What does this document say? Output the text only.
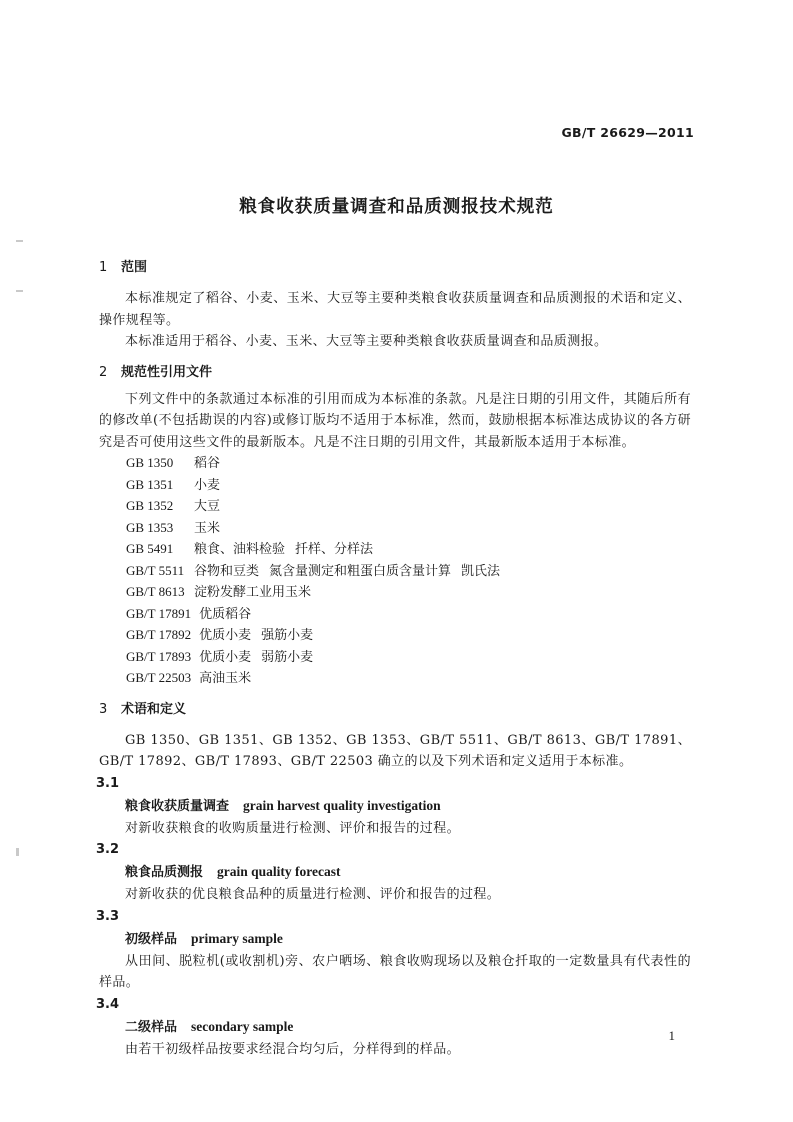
GB/T 26629—2011
粮食收获质量调查和品质测报技术规范
1 范围

本标准规定了稻谷、小麦、玉米、大豆等主要种类粮食收获质量调查和品质测报的术语和定义、操作规程等。

本标准适用于稻谷、小麦、玉米、大豆等主要种类粮食收获质量调查和品质测报。

2 规范性引用文件

下列文件中的条款通过本标准的引用而成为本标准的条款。凡是注日期的引用文件，其随后所有的修改单(不包括勘误的内容)或修订版均不适用于本标准，然而，鼓励根据本标准达成协议的各方研究是否可使用这些文件的最新版本。凡是不注日期的引用文件，其最新版本适用于本标准。

GB 1350 稻谷
GB 1351 小麦
GB 1352 大豆
GB 1353 玉米
GB 5491 粮食、油料检验 扦样、分样法
GB/T 5511 谷物和豆类 氮含量测定和粗蛋白质含量计算 凯氏法
GB/T 8613 淀粉发酵工业用玉米
GB/T 17891 优质稻谷
GB/T 17892 优质小麦 强筋小麦
GB/T 17893 优质小麦 弱筋小麦
GB/T 22503 高油玉米
3 术语和定义

GB 1350、GB 1351、GB 1352、GB 1353、GB/T 5511、GB/T 8613、GB/T 17891、GB/T 17892、GB/T 17893、GB/T 22503 确立的以及下列术语和定义适用于本标准。

3.1
粮食收获质量调查 grain harvest quality investigation

对新收获粮食的收购质量进行检测、评价和报告的过程。

3.2
粮食品质测报 grain quality forecast

对新收获的优良粮食品种的质量进行检测、评价和报告的过程。

3.3
初级样品 primary sample

从田间、脱粒机(或收割机)旁、农户晒场、粮食收购现场以及粮仓扦取的一定数量具有代表性的样品。

3.4
二级样品 secondary sample

由若干初级样品按要求经混合均匀后，分样得到的样品。

1
